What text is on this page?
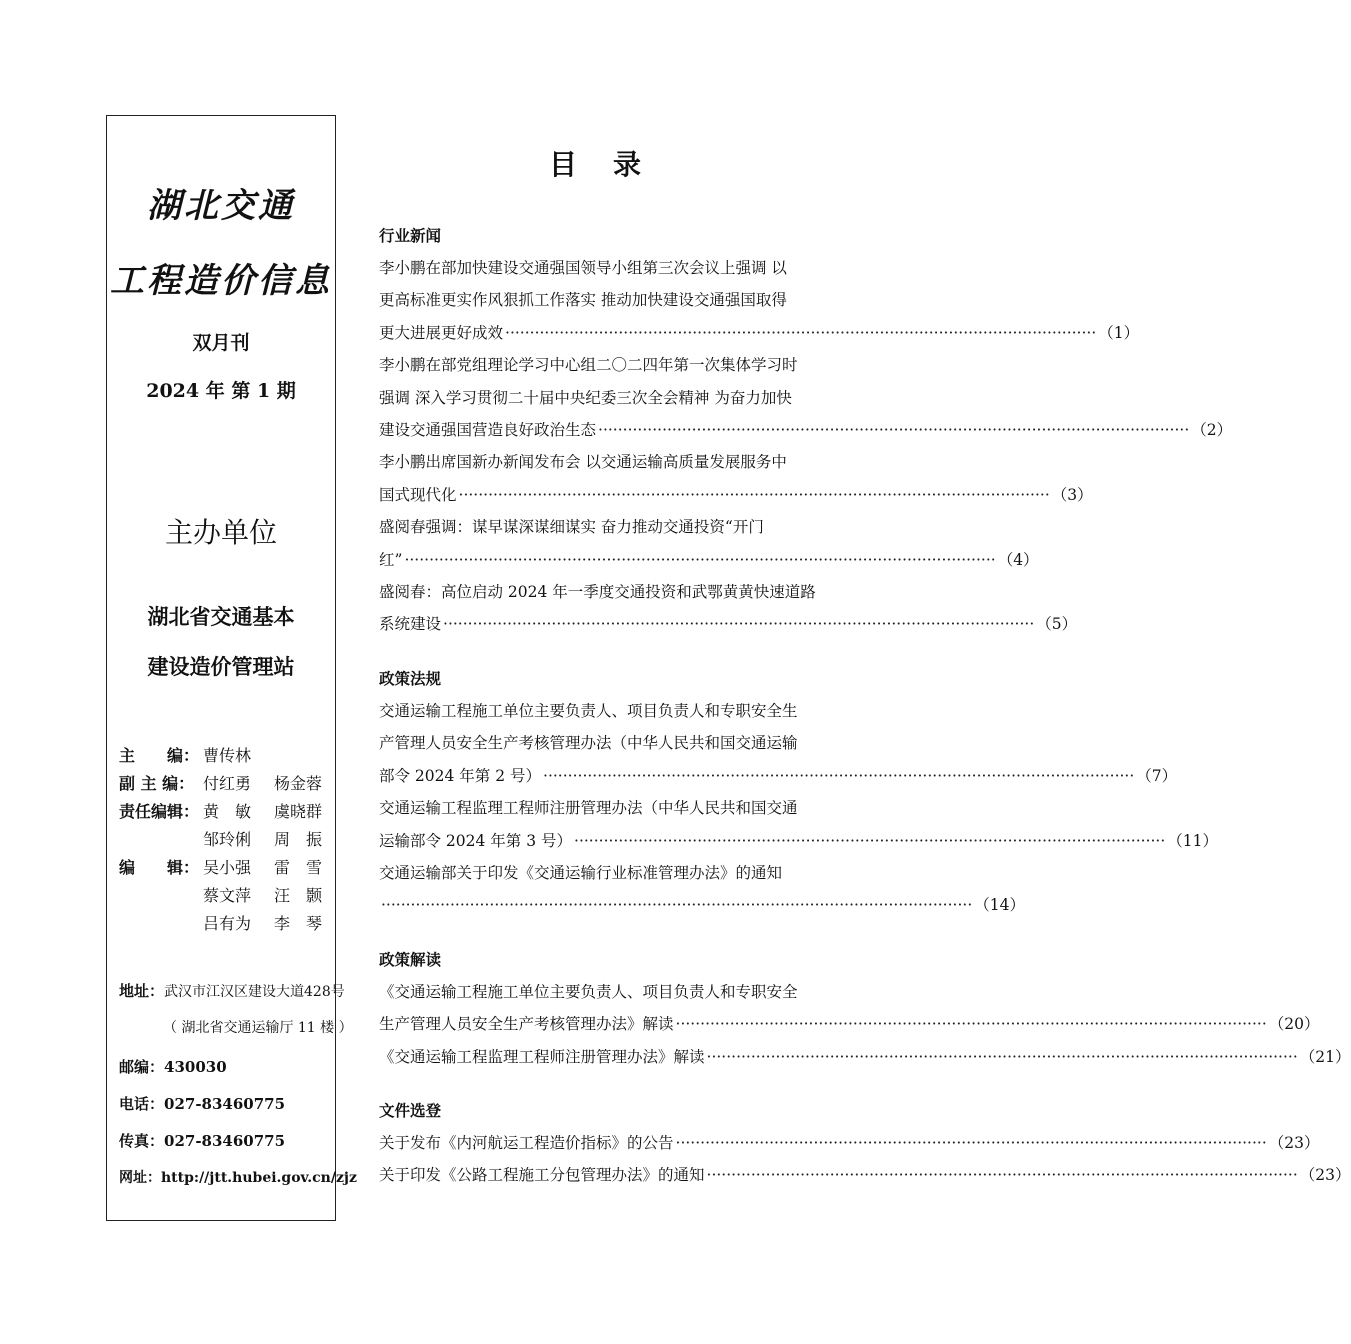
湖北交通
工程造价信息
双月刊
2024 年 第 1 期
主办单位
湖北省交通基本
建设造价管理站
主　　编： 曹传林
副 主 编： 付红勇	杨金蓉
责任编辑： 黄　敏	虞晓群
邹玲俐	周　振
编　　辑： 吴小强	雷　雪
蔡文萍	汪　颢
吕有为	李　琴
地址：武汉市江汉区建设大道428号
（ 湖北省交通运输厅 11 楼 ）
邮编：430030
电话：027-83460775
传真：027-83460775
网址：http://jtt.hubei.gov.cn/zjz
目录
行业新闻
李小鹏在部加快建设交通强国领导小组第三次会议上强调 以
更高标准更实作风狠抓工作落实 推动加快建设交通强国取得
更大进展更好成效 ························································································································ （1）
李小鹏在部党组理论学习中心组二〇二四年第一次集体学习时
强调 深入学习贯彻二十届中央纪委三次全会精神 为奋力加快
建设交通强国营造良好政治生态 ························································································································ （2）
李小鹏出席国新办新闻发布会 以交通运输高质量发展服务中
国式现代化 ························································································································ （3）
盛阅春强调：谋早谋深谋细谋实 奋力推动交通投资“开门
红” ························································································································ （4）
盛阅春：高位启动 2024 年一季度交通投资和武鄂黄黄快速道路
系统建设 ························································································································ （5）
政策法规
交通运输工程施工单位主要负责人、项目负责人和专职安全生
产管理人员安全生产考核管理办法（中华人民共和国交通运输
部令 2024 年第 2 号） ························································································································ （7）
交通运输工程监理工程师注册管理办法（中华人民共和国交通
运输部令 2024 年第 3 号） ························································································································ （11）
交通运输部关于印发《交通运输行业标准管理办法》的通知
························································································································ （14）
政策解读
《交通运输工程施工单位主要负责人、项目负责人和专职安全
生产管理人员安全生产考核管理办法》解读 ························································································································ （20）
《交通运输工程监理工程师注册管理办法》解读 ························································································································ （21）
文件选登
关于发布《内河航运工程造价指标》的公告 ························································································································ （23）
关于印发《公路工程施工分包管理办法》的通知 ························································································································ （23）
